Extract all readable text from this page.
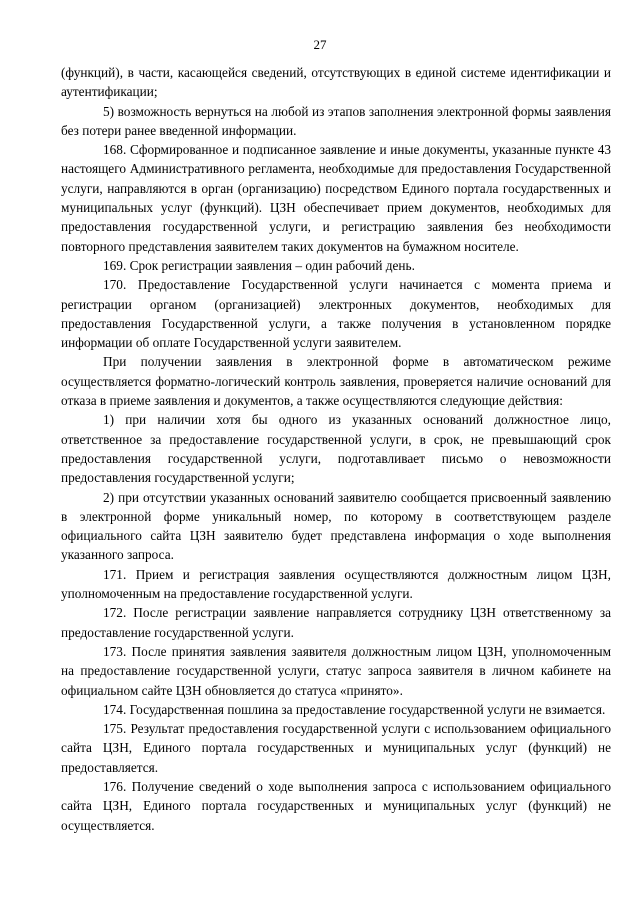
27

(функций), в части, касающейся сведений, отсутствующих в единой системе идентификации и аутентификации;

5) возможность вернуться на любой из этапов заполнения электронной формы заявления без потери ранее введенной информации.

168. Сформированное и подписанное заявление и иные документы, указанные пункте 43 настоящего Административного регламента, необходимые для предоставления Государственной услуги, направляются в орган (организацию) посредством Единого портала государственных и муниципальных услуг (функций). ЦЗН обеспечивает прием документов, необходимых для предоставления государственной услуги, и регистрацию заявления без необходимости повторного представления заявителем таких документов на бумажном носителе.

169. Срок регистрации заявления – один рабочий день.

170. Предоставление Государственной услуги начинается с момента приема и регистрации органом (организацией) электронных документов, необходимых для предоставления Государственной услуги, а также получения в установленном порядке информации об оплате Государственной услуги заявителем.

При получении заявления в электронной форме в автоматическом режиме осуществляется форматно-логический контроль заявления, проверяется наличие оснований для отказа в приеме заявления и документов, а также осуществляются следующие действия:

1) при наличии хотя бы одного из указанных оснований должностное лицо, ответственное за предоставление государственной услуги, в срок, не превышающий срок предоставления государственной услуги, подготавливает письмо о невозможности предоставления государственной услуги;

2) при отсутствии указанных оснований заявителю сообщается присвоенный заявлению в электронной форме уникальный номер, по которому в соответствующем разделе официального сайта ЦЗН заявителю будет представлена информация о ходе выполнения указанного запроса.

171. Прием и регистрация заявления осуществляются должностным лицом ЦЗН, уполномоченным на предоставление государственной услуги.

172. После регистрации заявление направляется сотруднику ЦЗН ответственному за предоставление государственной услуги.

173. После принятия заявления заявителя должностным лицом ЦЗН, уполномоченным на предоставление государственной услуги, статус запроса заявителя в личном кабинете на официальном сайте ЦЗН обновляется до статуса «принято».

174. Государственная пошлина за предоставление государственной услуги не взимается.

175. Результат предоставления государственной услуги с использованием официального сайта ЦЗН, Единого портала государственных и муниципальных услуг (функций) не предоставляется.

176. Получение сведений о ходе выполнения запроса с использованием официального сайта ЦЗН, Единого портала государственных и муниципальных услуг (функций) не осуществляется.
